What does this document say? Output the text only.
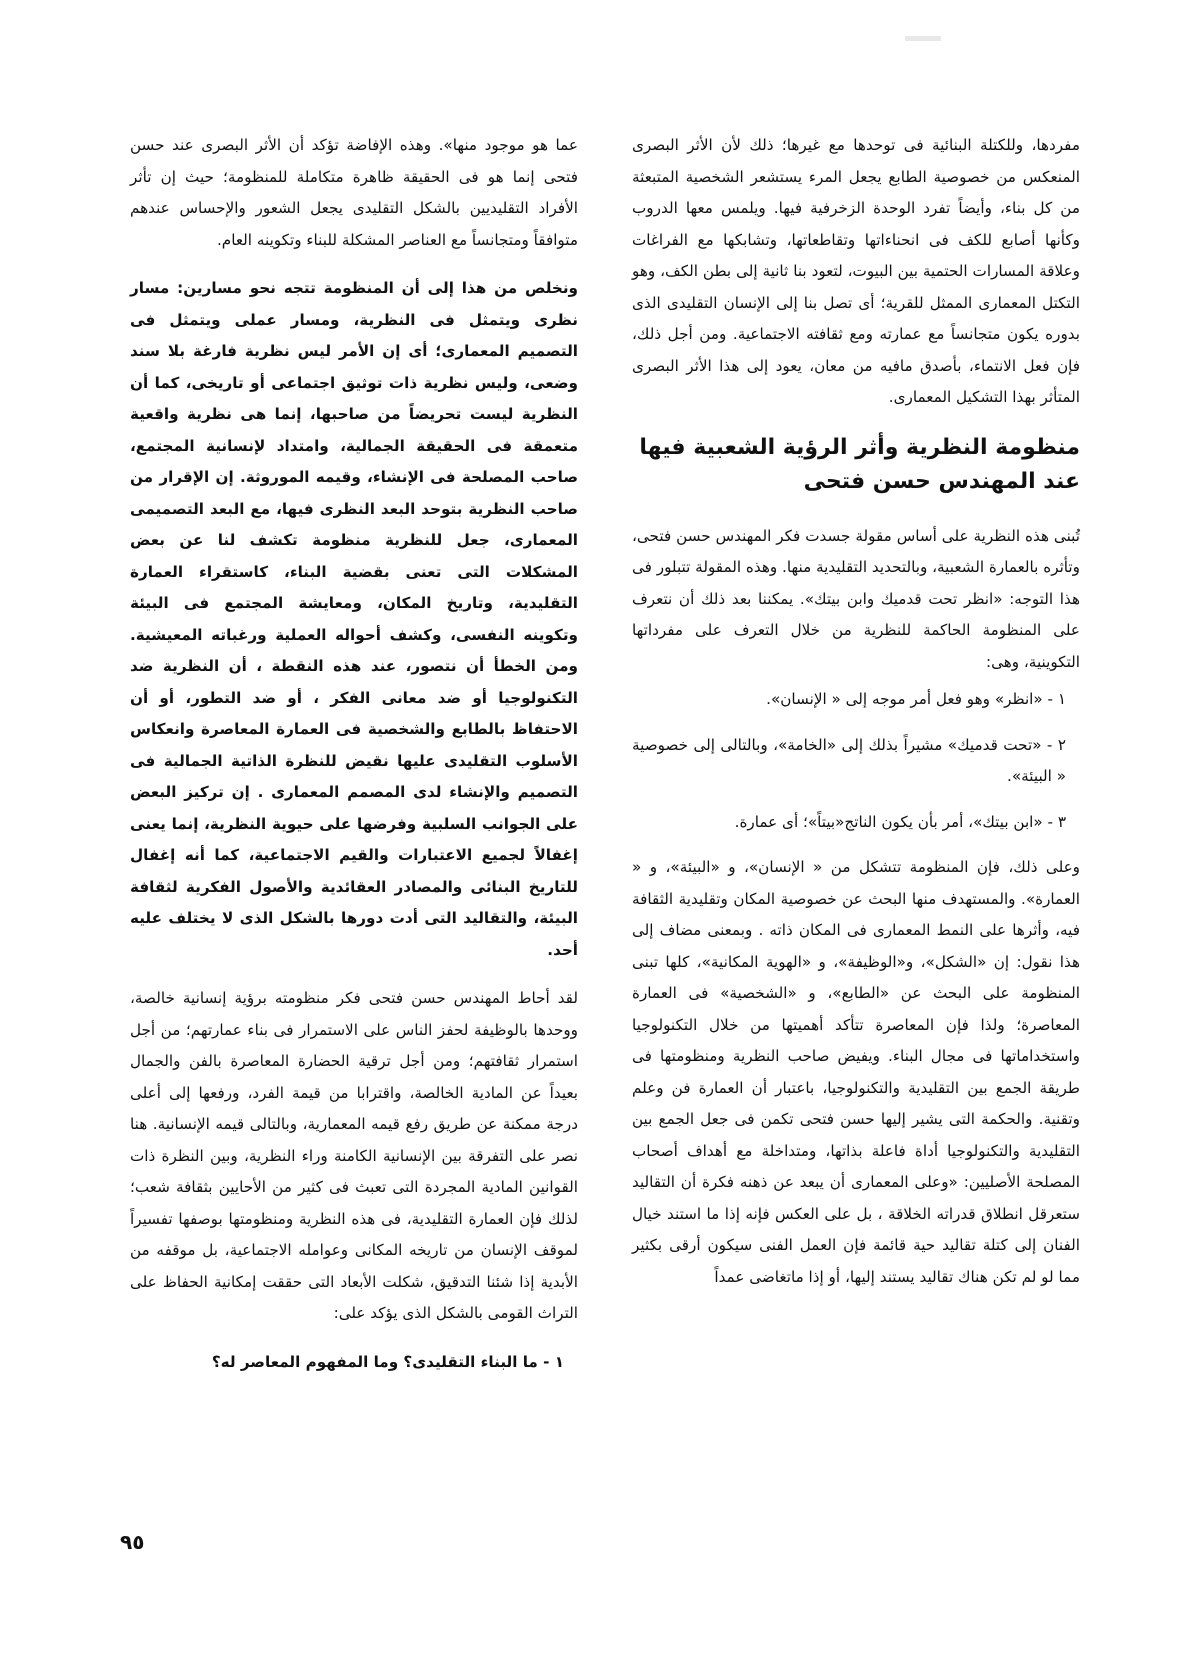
مفردها، وللكتلة البنائية فى توحدها مع غيرها؛ ذلك لأن الأثر البصرى المنعكس من خصوصية الطابع يجعل المرء يستشعر الشخصية المتبعثة من كل بناء، وأيضاً تفرد الوحدة الزخرفية فيها. ويلمس معها الدروب وكأنها أصابع للكف فى انحناءاتها وتقاطعاتها، وتشابكها مع الفراغات وعلاقة المسارات الحتمية بين البيوت، لتعود بنا ثانية إلى بطن الكف، وهو التكتل المعمارى الممثل للقرية؛ أى تصل بنا إلى الإنسان التقليدى الذى بدوره يكون متجانساً مع عمارته ومع ثقافته الاجتماعية. ومن أجل ذلك، فإن فعل الانتماء، بأصدق مافيه من معان، يعود إلى هذا الأثر البصرى المتأثر بهذا التشكيل المعمارى.

منظومة النظرية وأثر الرؤية الشعبية فيها عند المهندس حسن فتحى

تُبنى هذه النظرية على أساس مقولة جسدت فكر المهندس حسن فتحى، وتأثره بالعمارة الشعبية، وبالتحديد التقليدية منها. وهذه المقولة تتبلور فى هذا التوجه: «انظر تحت قدميك وابن بيتك». يمكننا بعد ذلك أن نتعرف على المنظومة الحاكمة للنظرية من خلال التعرف على مفرداتها التكوينية، وهى:

١ - «انظر» وهو فعل أمر موجه إلى « الإنسان».

٢ - «تحت قدميك» مشيراً بذلك إلى «الخامة»، وبالتالى إلى خصوصية « البيئة».

٣ - «ابن بيتك»، أمر بأن يكون الناتج«بيتاً»؛ أى عمارة.

وعلى ذلك، فإن المنظومة تتشكل من « الإنسان»، و «البيئة»، و « العمارة». والمستهدف منها البحث عن خصوصية المكان وتقليدية الثقافة فيه، وأثرها على النمط المعمارى فى المكان ذاته . وبمعنى مضاف إلى هذا نقول: إن «الشكل»، و«الوظيفة»، و «الهوية المكانية»، كلها تبنى المنظومة على البحث عن «الطابع»، و «الشخصية» فى العمارة المعاصرة؛ ولذا فإن المعاصرة تتأكد أهميتها من خلال التكنولوجيا واستخداماتها فى مجال البناء. ويفيض صاحب النظرية ومنظومتها فى طريقة الجمع بين التقليدية والتكنولوجيا، باعتبار أن العمارة فن وعلم وتقنية. والحكمة التى يشير إليها حسن فتحى تكمن فى جعل الجمع بين التقليدية والتكنولوجيا أداة فاعلة بذاتها، ومتداخلة مع أهداف أصحاب المصلحة الأصليين: «وعلى المعمارى أن يبعد عن ذهنه فكرة أن التقاليد ستعرقل انطلاق قدراته الخلاقة ، بل على العكس فإنه إذا ما استند خيال الفنان إلى كتلة تقاليد حية قائمة فإن العمل الفنى سيكون أرقى بكثير مما لو لم تكن هناك تقاليد يستند إليها، أو إذا ماتغاضى عمداً

عما هو موجود منها». وهذه الإفاضة تؤكد أن الأثر البصرى عند حسن فتحى إنما هو فى الحقيقة ظاهرة متكاملة للمنظومة؛ حيث إن تأثر الأفراد التقليديين بالشكل التقليدى يجعل الشعور والإحساس عندهم متوافقاً ومتجانساً مع العناصر المشكلة للبناء وتكوينه العام.

ونخلص من هذا إلى أن المنظومة تتجه نحو مسارين: مسار نظرى ويتمثل فى النظرية، ومسار عملى ويتمثل فى التصميم المعمارى؛ أى إن الأمر ليس نظرية فارغة بلا سند وضعى، وليس نظرية ذات توثيق اجتماعى أو تاريخى، كما أن النظرية ليست تحريضاً من صاحبها، إنما هى نظرية واقعية متعمقة فى الحقيقة الجمالية، وامتداد لإنسانية المجتمع، صاحب المصلحة فى الإنشاء، وقيمه الموروثة. إن الإقرار من صاحب النظرية بتوحد البعد النظرى فيها، مع البعد التصميمى المعمارى، جعل للنظرية منظومة تكشف لنا عن بعض المشكلات التى تعنى بقضية البناء، كاستقراء العمارة التقليدية، وتاريخ المكان، ومعايشة المجتمع فى البيئة وتكوينه النفسى، وكشف أحواله العملية ورغباته المعيشية. ومن الخطأ أن نتصور، عند هذه النقطة ، أن النظرية ضد التكنولوجيا أو ضد معانى الفكر ، أو ضد التطور، أو أن الاحتفاظ بالطابع والشخصية فى العمارة المعاصرة وانعكاس الأسلوب التقليدى عليها نقيض للنظرة الذاتية الجمالية فى التصميم والإنشاء لدى المصمم المعمارى . إن تركيز البعض على الجوانب السلبية وفرضها على حيوية النظرية، إنما يعنى إغفالاً لجميع الاعتبارات والقيم الاجتماعية، كما أنه إغفال للتاريخ البنائى والمصادر العقائدية والأصول الفكرية لثقافة البيئة، والتقاليد التى أدت دورها بالشكل الذى لا يختلف عليه أحد.

لقد أحاط المهندس حسن فتحى فكر منظومته برؤية إنسانية خالصة، ووحدها بالوظيفة لحفز الناس على الاستمرار فى بناء عمارتهم؛ من أجل استمرار ثقافتهم؛ ومن أجل ترقية الحضارة المعاصرة بالفن والجمال بعيداً عن المادية الخالصة، واقترابا من قيمة الفرد، ورفعها إلى أعلى درجة ممكنة عن طريق رفع قيمه المعمارية، وبالتالى قيمه الإنسانية. هنا نصر على التفرقة بين الإنسانية الكامنة وراء النظرية، وبين النظرة ذات القوانين المادية المجردة التى تعبث فى كثير من الأحايين بثقافة شعب؛ لذلك فإن العمارة التقليدية، فى هذه النظرية ومنظومتها بوصفها تفسيراً لموقف الإنسان من تاريخه المكانى وعوامله الاجتماعية، بل موقفه من الأبدية إذا شئنا التدقيق، شكلت الأبعاد التى حققت إمكانية الحفاظ على التراث القومى بالشكل الذى يؤكد على:

١ - ما البناء التقليدى؟ وما المفهوم المعاصر له؟

٩٥
